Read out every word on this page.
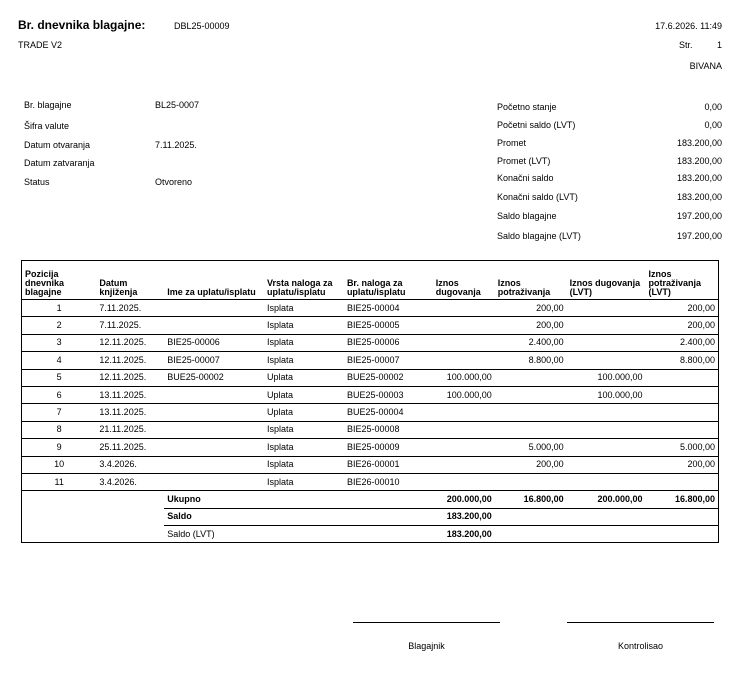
Br. dnevnika blagajne:	DBL25-00009
TRADE V2
17.6.2026. 11:49
Str.	1
BIVANA
Br. blagajne	BL25-0007
Šifra valute
Datum otvaranja	7.11.2025.
Datum zatvaranja
Status	Otvoreno
Početno stanje	0,00
Početni saldo (LVT)	0,00
Promet	183.200,00
Promet (LVT)	183.200,00
Konačni saldo	183.200,00
Konačni saldo (LVT)	183.200,00
Saldo blagajne	197.200,00
Saldo blagajne (LVT)	197.200,00
Pozicija dnevnika blagajne	Datum knjiženja	Ime za uplatu/isplatu	Vrsta naloga za uplatu/isplatu	Br. naloga za uplatu/isplatu	Iznos dugovanja	Iznos potraživanja	Iznos dugovanja (LVT)	Iznos potraživanja (LVT)
1	7.11.2025.		Isplata	BIE25-00004		200,00		200,00
2	7.11.2025.		Isplata	BIE25-00005		200,00		200,00
3	12.11.2025.	BIE25-00006	Isplata	BIE25-00006		2.400,00		2.400,00
4	12.11.2025.	BIE25-00007	Isplata	BIE25-00007		8.800,00		8.800,00
5	12.11.2025.	BUE25-00002	Uplata	BUE25-00002	100.000,00		100.000,00	
6	13.11.2025.		Uplata	BUE25-00003	100.000,00		100.000,00	
7	13.11.2025.		Uplata	BUE25-00004				
8	21.11.2025.		Isplata	BIE25-00008				
9	25.11.2025.		Isplata	BIE25-00009		5.000,00		5.000,00
10	3.4.2026.		Isplata	BIE26-00001		200,00		200,00
11	3.4.2026.		Isplata	BIE26-00010				
		Ukupno			200.000,00	16.800,00	200.000,00	16.800,00
		Saldo			183.200,00			
		Saldo (LVT)			183.200,00			
Blagajnik	Kontrolisao
